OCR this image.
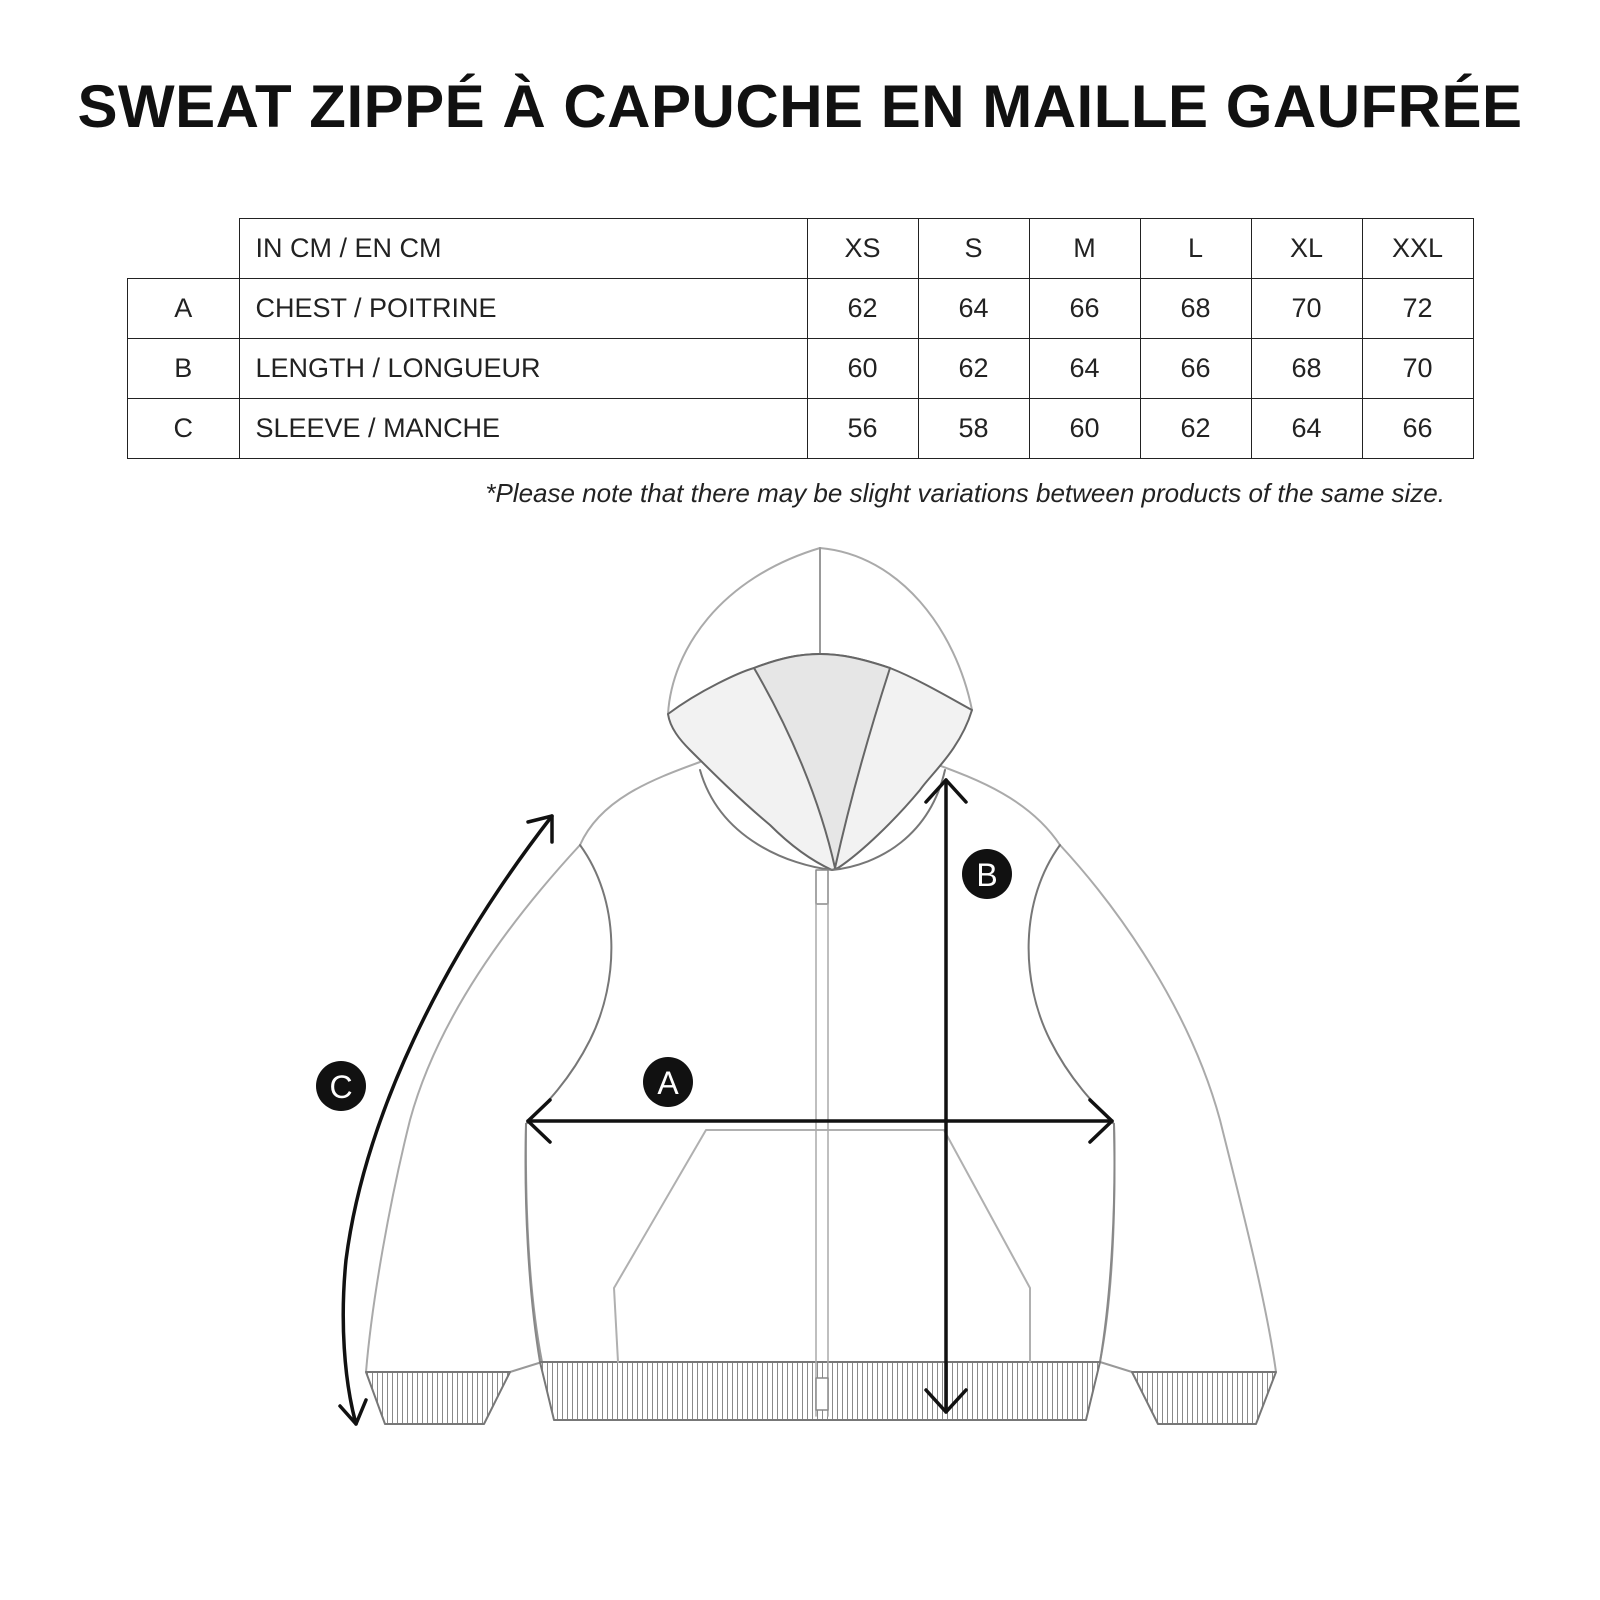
SWEAT ZIPPÉ À CAPUCHE EN MAILLE GAUFRÉE
	IN CM / EN CM	XS	S	M	L	XL	XXL
A	CHEST / POITRINE	62	64	66	68	70	72
B	LENGTH / LONGUEUR	60	62	64	66	68	70
C	SLEEVE / MANCHE	56	58	60	62	64	66
*Please note that there may be slight variations between products of the same size.
A
B
C
